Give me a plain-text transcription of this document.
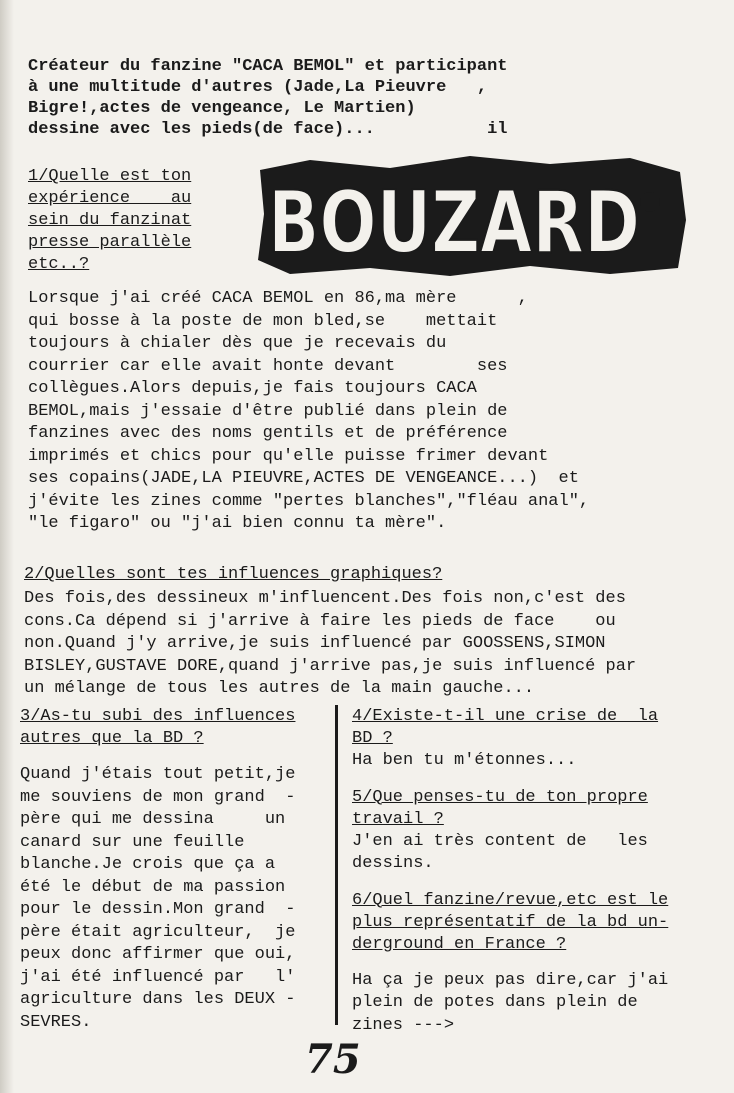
Créateur du fanzine "CACA BEMOL" et participant
à une multitude d'autres (Jade,La Pieuvre   ,
Bigre!,actes de vengeance, Le Martien)
dessine avec les pieds(de face)...           il
1/Quelle est ton
expérience    au
sein du fanzinat
presse parallèle
etc..?	BOUZARD
Lorsque j'ai créé CACA BEMOL en 86,ma mère      ,
qui bosse à la poste de mon bled,se    mettait
toujours à chialer dès que je recevais du
courrier car elle avait honte devant        ses
collègues.Alors depuis,je fais toujours CACA
BEMOL,mais j'essaie d'être publié dans plein de
fanzines avec des noms gentils et de préférence
imprimés et chics pour qu'elle puisse frimer devant
ses copains(JADE,LA PIEUVRE,ACTES DE VENGEANCE...)  et
j'évite les zines comme "pertes blanches","fléau anal",
"le figaro" ou "j'ai bien connu ta mère".
2/Quelles sont tes influences graphiques?
Des fois,des dessineux m'influencent.Des fois non,c'est des
cons.Ca dépend si j'arrive à faire les pieds de face    ou
non.Quand j'y arrive,je suis influencé par GOOSSENS,SIMON
BISLEY,GUSTAVE DORE,quand j'arrive pas,je suis influencé par
un mélange de tous les autres de la main gauche...
3/As-tu subi des influences
autres que la BD ?
Quand j'étais tout petit,je
me souviens de mon grand  -
père qui me dessina     un
canard sur une feuille
blanche.Je crois que ça a
été le début de ma passion
pour le dessin.Mon grand  -
père était agriculteur,  je
peux donc affirmer que oui,
j'ai été influencé par   l'
agriculture dans les DEUX -
SEVRES.
4/Existe-t-il une crise de  la
BD ?
Ha ben tu m'étonnes...
5/Que penses-tu de ton propre
travail ?
J'en ai très content de   les
dessins.
6/Quel fanzine/revue,etc est le
plus représentatif de la bd un-
derground en France ?
Ha ça je peux pas dire,car j'ai
plein de potes dans plein de
zines --->
75
